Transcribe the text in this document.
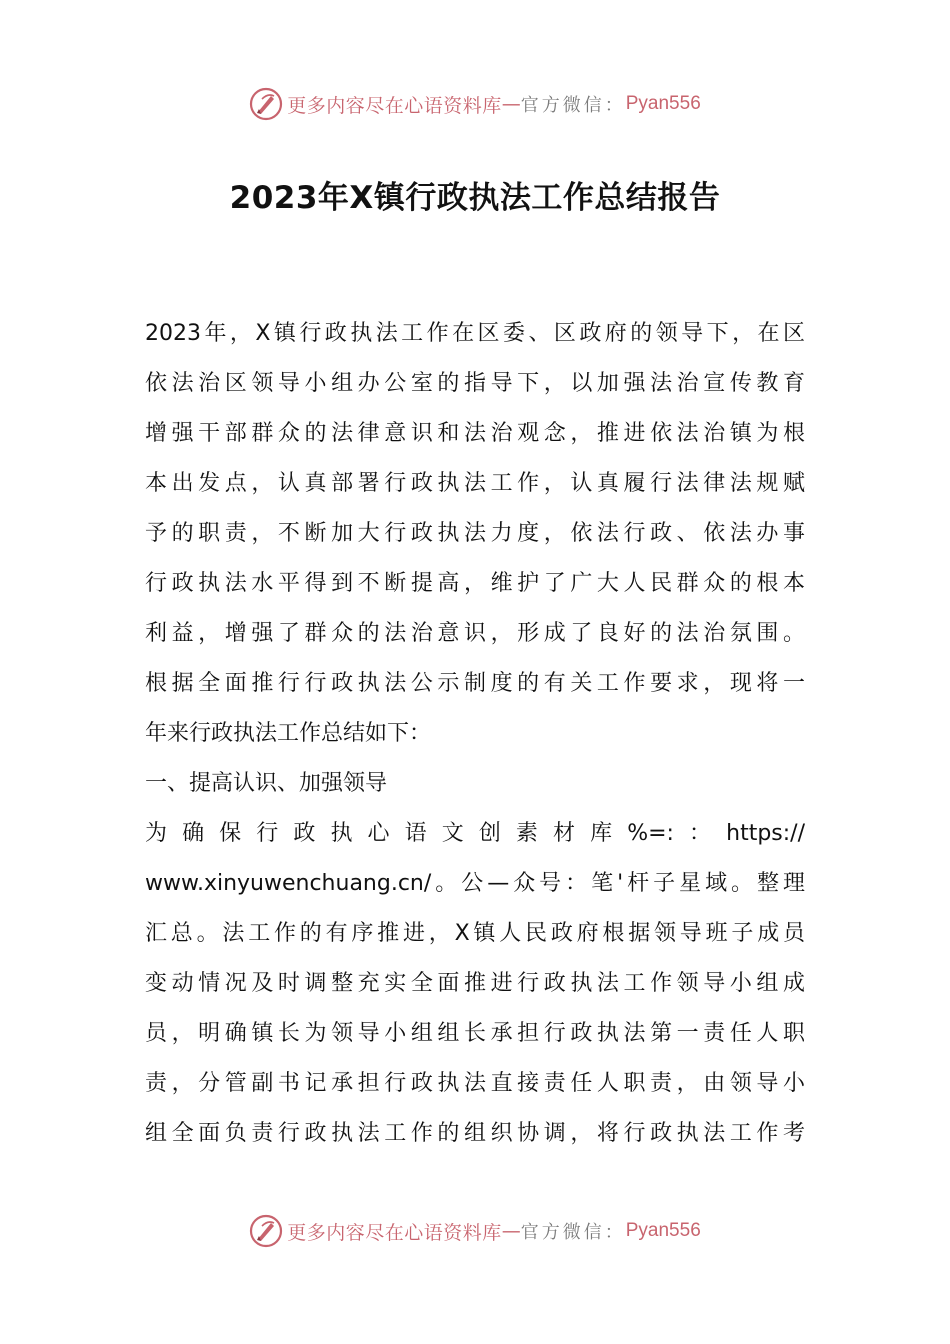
更多内容尽在心语资料库 — 官方微信： Pyan556
2023年X镇行政执法工作总结报告
2023年，X镇行政执法工作在区委、区政府的领导下，在区
依法治区领导小组办公室的指导下，以加强法治宣传教育
增强干部群众的法律意识和法治观念，推进依法治镇为根
本出发点，认真部署行政执法工作，认真履行法律法规赋
予的职责，不断加大行政执法力度，依法行政、依法办事
行政执法水平得到不断提高，维护了广大人民群众的根本
利益，增强了群众的法治意识，形成了良好的法治氛围。
根据全面推行行政执法公示制度的有关工作要求，现将一
年来行政执法工作总结如下：
一、提高认识、加强领导
为确保行政执心语文创素材库%=:：https://
www.xinyuwenchuang.cn/。公—众号：笔'杆子星域。整理
汇总。法工作的有序推进，X镇人民政府根据领导班子成员
变动情况及时调整充实全面推进行政执法工作领导小组成
员，明确镇长为领导小组组长承担行政执法第一责任人职
责，分管副书记承担行政执法直接责任人职责，由领导小
组全面负责行政执法工作的组织协调，将行政执法工作考
更多内容尽在心语资料库 — 官方微信： Pyan556
